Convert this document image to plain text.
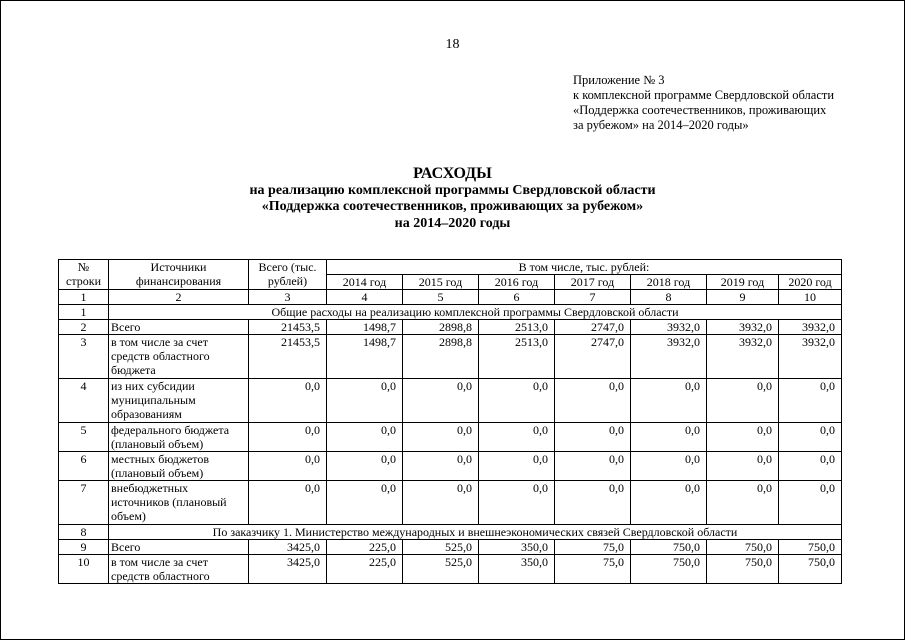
18
Приложение № 3
к комплексной программе Свердловской области
«Поддержка соотечественников, проживающих
за рубежом» на 2014–2020 годы»
РАСХОДЫ
на реализацию комплексной программы Свердловской области
«Поддержка соотечественников, проживающих за рубежом»
на 2014–2020 годы
№ строки	Источники финансирования	Всего (тыс. рублей)	В том числе, тыс. рублей:						
			2014 год	2015 год	2016 год	2017 год	2018 год	2019 год	2020 год
1	2	3	4	5	6	7	8	9	10
1	Общие расходы на реализацию комплексной программы Свердловской области								
2	Всего	21453,5	1498,7	2898,8	2513,0	2747,0	3932,0	3932,0	3932,0
3	в том числе за счет средств областного бюджета	21453,5	1498,7	2898,8	2513,0	2747,0	3932,0	3932,0	3932,0
4	из них субсидии муниципальным образованиям	0,0	0,0	0,0	0,0	0,0	0,0	0,0	0,0
5	федерального бюджета (плановый объем)	0,0	0,0	0,0	0,0	0,0	0,0	0,0	0,0
6	местных бюджетов (плановый объем)	0,0	0,0	0,0	0,0	0,0	0,0	0,0	0,0
7	внебюджетных источников (плановый объем)	0,0	0,0	0,0	0,0	0,0	0,0	0,0	0,0
8	По заказчику 1. Министерство международных и внешнеэкономических связей Свердловской области								
9	Всего	3425,0	225,0	525,0	350,0	75,0	750,0	750,0	750,0
10	в том числе за счет средств областного	3425,0	225,0	525,0	350,0	75,0	750,0	750,0	750,0
